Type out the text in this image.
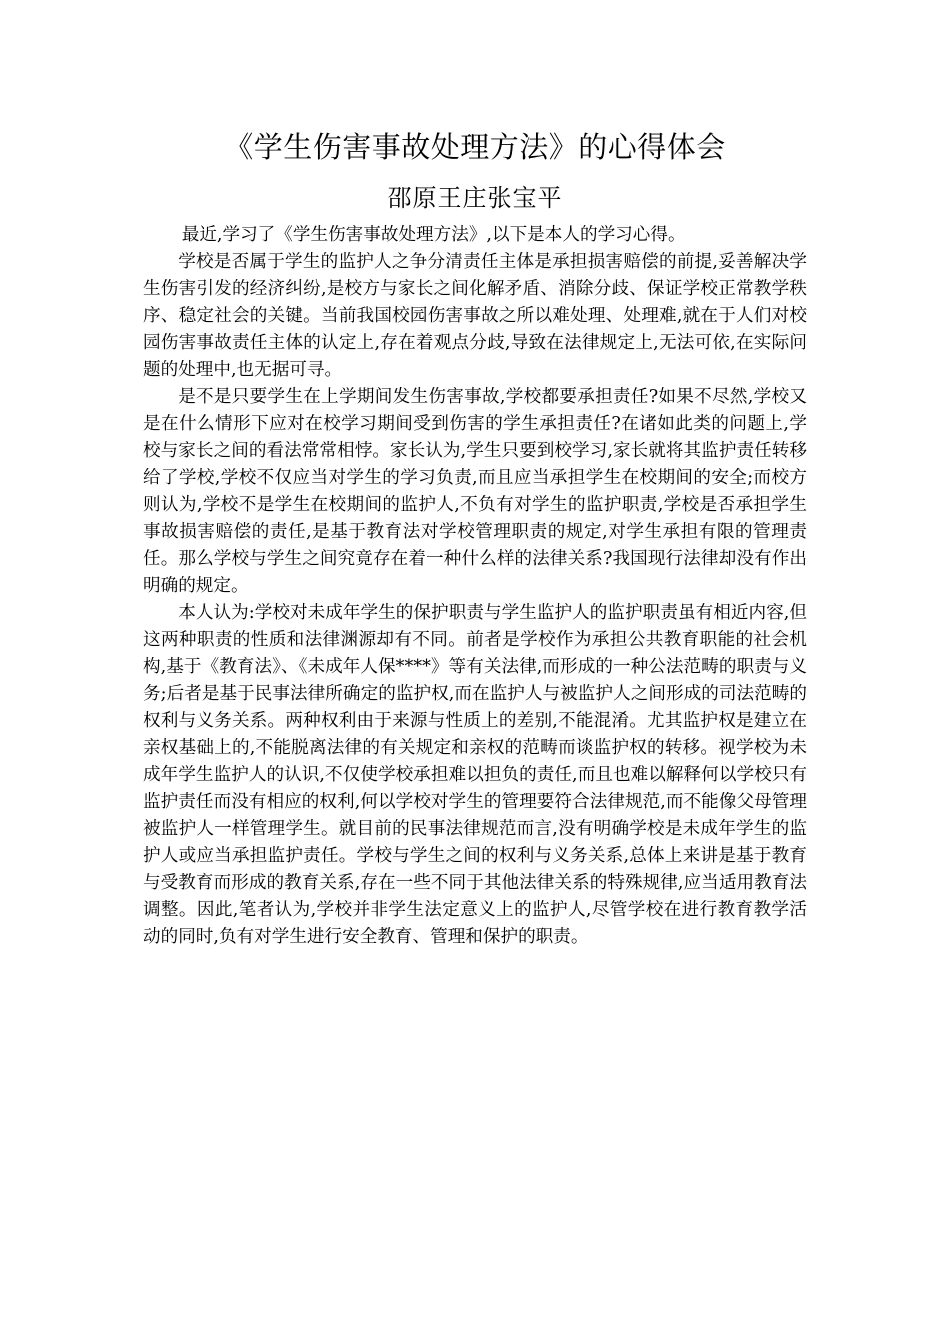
《学生伤害事故处理方法》的心得体会
邵原王庄张宝平

最近,学习了《学生伤害事故处理方法》,以下是本人的学习心得。

学校是否属于学生的监护人之争分清责任主体是承担损害赔偿的前提,妥善解决学生伤害引发的经济纠纷,是校方与家长之间化解矛盾、消除分歧、保证学校正常教学秩序、稳定社会的关键。当前我国校园伤害事故之所以难处理、处理难,就在于人们对校园伤害事故责任主体的认定上,存在着观点分歧,导致在法律规定上,无法可依,在实际问题的处理中,也无据可寻。

是不是只要学生在上学期间发生伤害事故,学校都要承担责任?如果不尽然,学校又是在什么情形下应对在校学习期间受到伤害的学生承担责任?在诸如此类的问题上,学校与家长之间的看法常常相悖。家长认为,学生只要到校学习,家长就将其监护责任转移给了学校,学校不仅应当对学生的学习负责,而且应当承担学生在校期间的安全;而校方则认为,学校不是学生在校期间的监护人,不负有对学生的监护职责,学校是否承担学生事故损害赔偿的责任,是基于教育法对学校管理职责的规定,对学生承担有限的管理责任。那么学校与学生之间究竟存在着一种什么样的法律关系?我国现行法律却没有作出明确的规定。

本人认为:学校对未成年学生的保护职责与学生监护人的监护职责虽有相近内容,但这两种职责的性质和法律渊源却有不同。前者是学校作为承担公共教育职能的社会机构,基于《教育法》、《未成年人保****》等有关法律,而形成的一种公法范畴的职责与义务;后者是基于民事法律所确定的监护权,而在监护人与被监护人之间形成的司法范畴的权利与义务关系。两种权利由于来源与性质上的差别,不能混淆。尤其监护权是建立在亲权基础上的,不能脱离法律的有关规定和亲权的范畴而谈监护权的转移。视学校为未成年学生监护人的认识,不仅使学校承担难以担负的责任,而且也难以解释何以学校只有监护责任而没有相应的权利,何以学校对学生的管理要符合法律规范,而不能像父母管理被监护人一样管理学生。就目前的民事法律规范而言,没有明确学校是未成年学生的监护人或应当承担监护责任。学校与学生之间的权利与义务关系,总体上来讲是基于教育与受教育而形成的教育关系,存在一些不同于其他法律关系的特殊规律,应当适用教育法调整。因此,笔者认为,学校并非学生法定意义上的监护人,尽管学校在进行教育教学活动的同时,负有对学生进行安全教育、管理和保护的职责。
